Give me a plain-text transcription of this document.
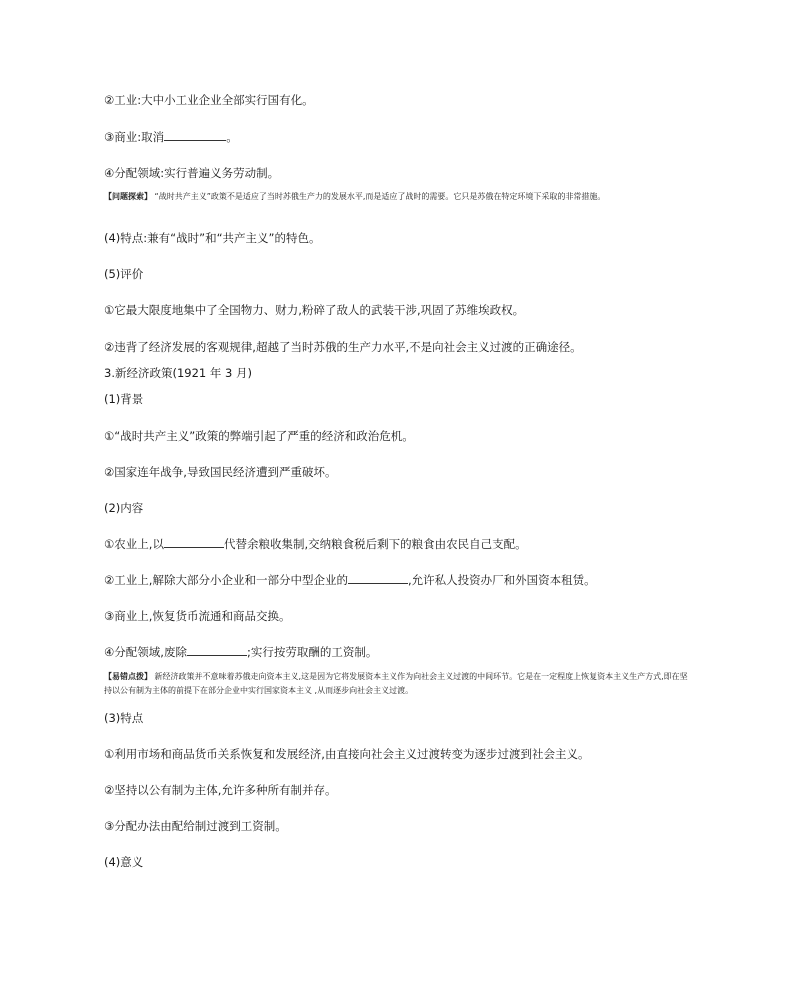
②工业:大中小工业企业全部实行国有化。
③商业:取消	。
④分配领域:实行普遍义务劳动制。
【问题探索】 “战时共产主义”政策不是适应了当时苏俄生产力的发展水平,而是适应了战时的需要。它只是苏俄在特定环境下采取的非常措施。
(4)特点:兼有“战时”和“共产主义”的特色。
(5)评价
①它最大限度地集中了全国物力、财力,粉碎了敌人的武装干涉,巩固了苏维埃政权。
②违背了经济发展的客观规律,超越了当时苏俄的生产力水平,不是向社会主义过渡的正确途径。
3.新经济政策(1921 年 3 月)
(1)背景
①“战时共产主义”政策的弊端引起了严重的经济和政治危机。
②国家连年战争,导致国民经济遭到严重破坏。
(2)内容
①农业上,以	代替余粮收集制,交纳粮食税后剩下的粮食由农民自己支配。
②工业上,解除大部分小企业和一部分中型企业的	,允许私人投资办厂和外国资本租赁。
③商业上,恢复货币流通和商品交换。
④分配领域,废除	;实行按劳取酬的工资制。
【易错点拨】 新经济政策并不意味着苏俄走向资本主义,这是因为它将发展资本主义作为向社会主义过渡的中间环节。它是在一定程度上恢复资本主义生产方式,即在坚持以公有制为主体的前提下在部分企业中实行国家资本主义 ,从而逐步向社会主义过渡。
(3)特点
①利用市场和商品货币关系恢复和发展经济,由直接向社会主义过渡转变为逐步过渡到社会主义。
②坚持以公有制为主体,允许多种所有制并存。
③分配办法由配给制过渡到工资制。
(4)意义
